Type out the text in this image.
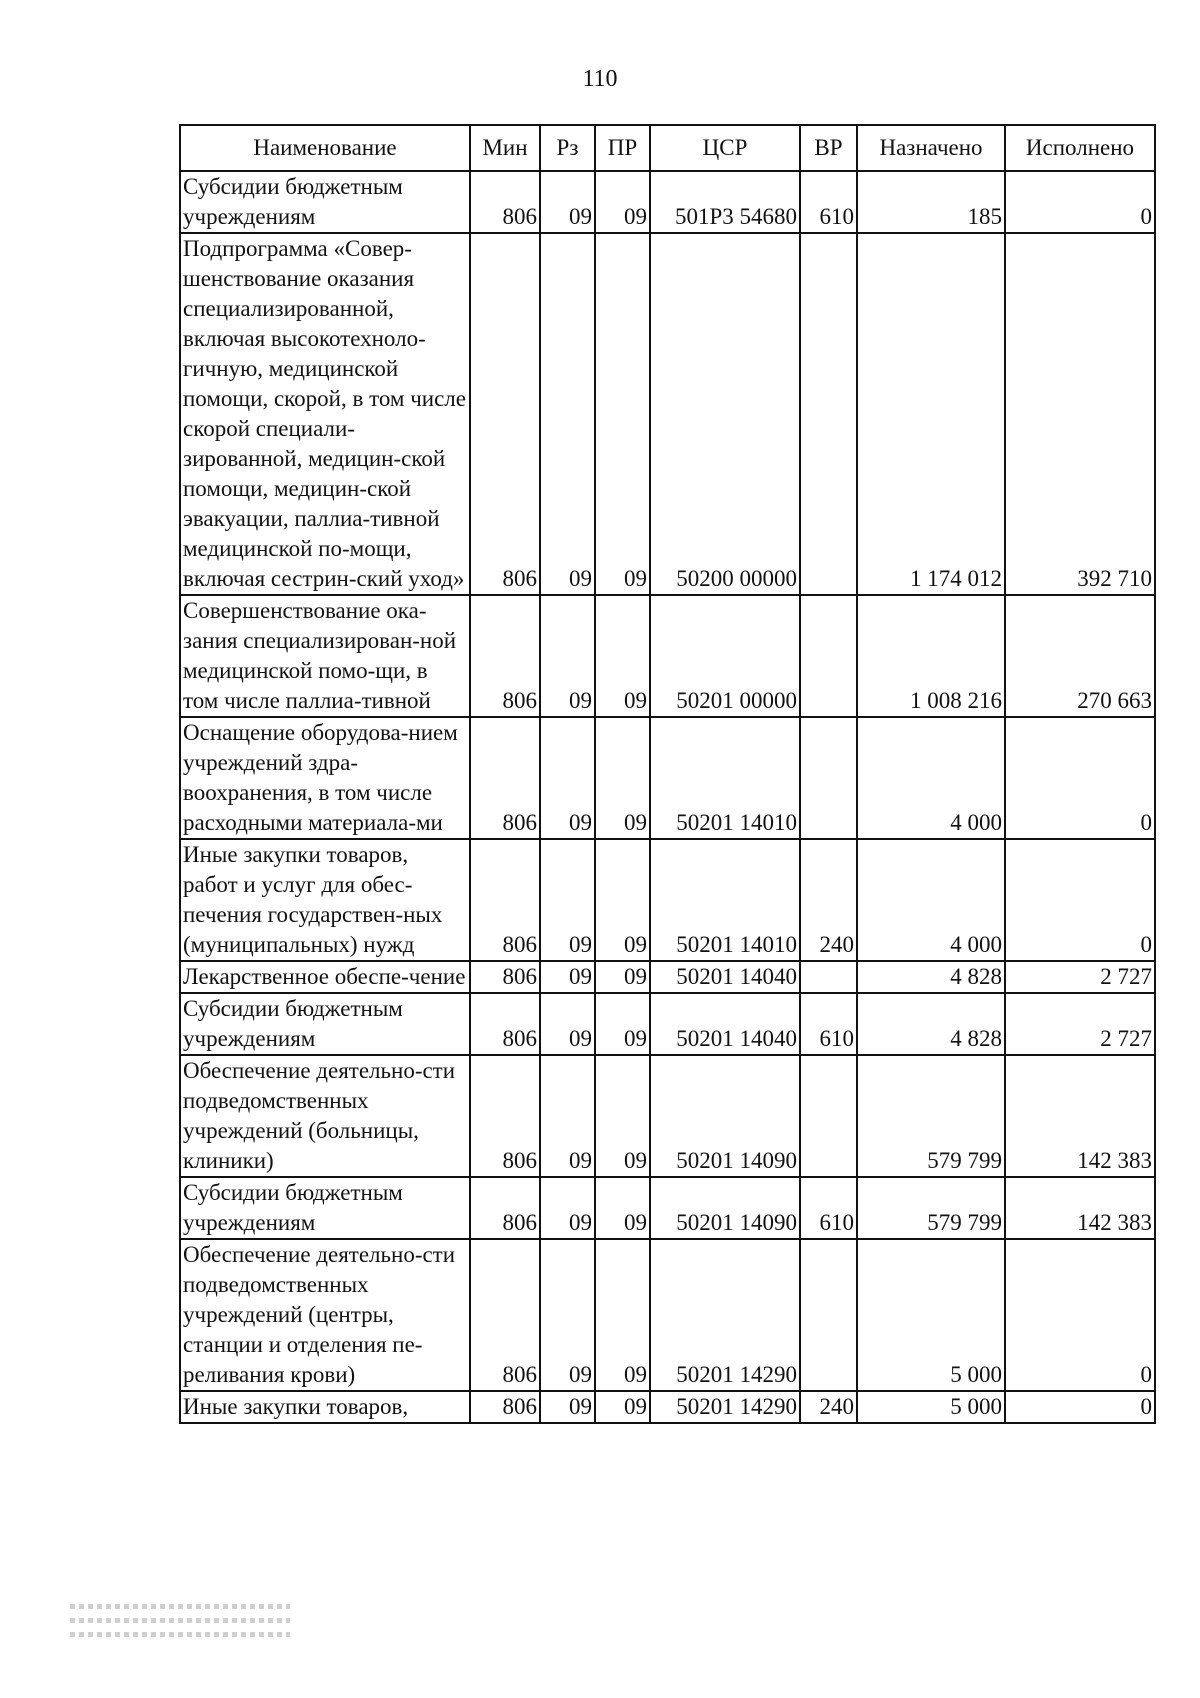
110
Наименование	Мин	Рз	ПР	ЦСР	ВР	Назначено	Исполнено
Субсидии бюджетным учреждениям	806	09	09	501P3 54680	610	185	0
Подпрограмма «Совер-шенствование оказания специализированной, включая высокотехноло-гичную, медицинской помощи, скорой, в том числе скорой специали-зированной, медицин-ской помощи, медицин-ской эвакуации, паллиа-тивной медицинской по-мощи, включая сестрин-ский уход»	806	09	09	50200 00000		1 174 012	392 710
Совершенствование ока-зания специализирован-ной медицинской помо-щи, в том числе паллиа-тивной	806	09	09	50201 00000		1 008 216	270 663
Оснащение оборудова-нием учреждений здра-воохранения, в том числе расходными материала-ми	806	09	09	50201 14010		4 000	0
Иные закупки товаров, работ и услуг для обес-печения государствен-ных (муниципальных) нужд	806	09	09	50201 14010	240	4 000	0
Лекарственное обеспе-чение	806	09	09	50201 14040		4 828	2 727
Субсидии бюджетным учреждениям	806	09	09	50201 14040	610	4 828	2 727
Обеспечение деятельно-сти подведомственных учреждений (больницы, клиники)	806	09	09	50201 14090		579 799	142 383
Субсидии бюджетным учреждениям	806	09	09	50201 14090	610	579 799	142 383
Обеспечение деятельно-сти подведомственных учреждений (центры, станции и отделения пе-реливания крови)	806	09	09	50201 14290		5 000	0
Иные закупки товаров,	806	09	09	50201 14290	240	5 000	0
